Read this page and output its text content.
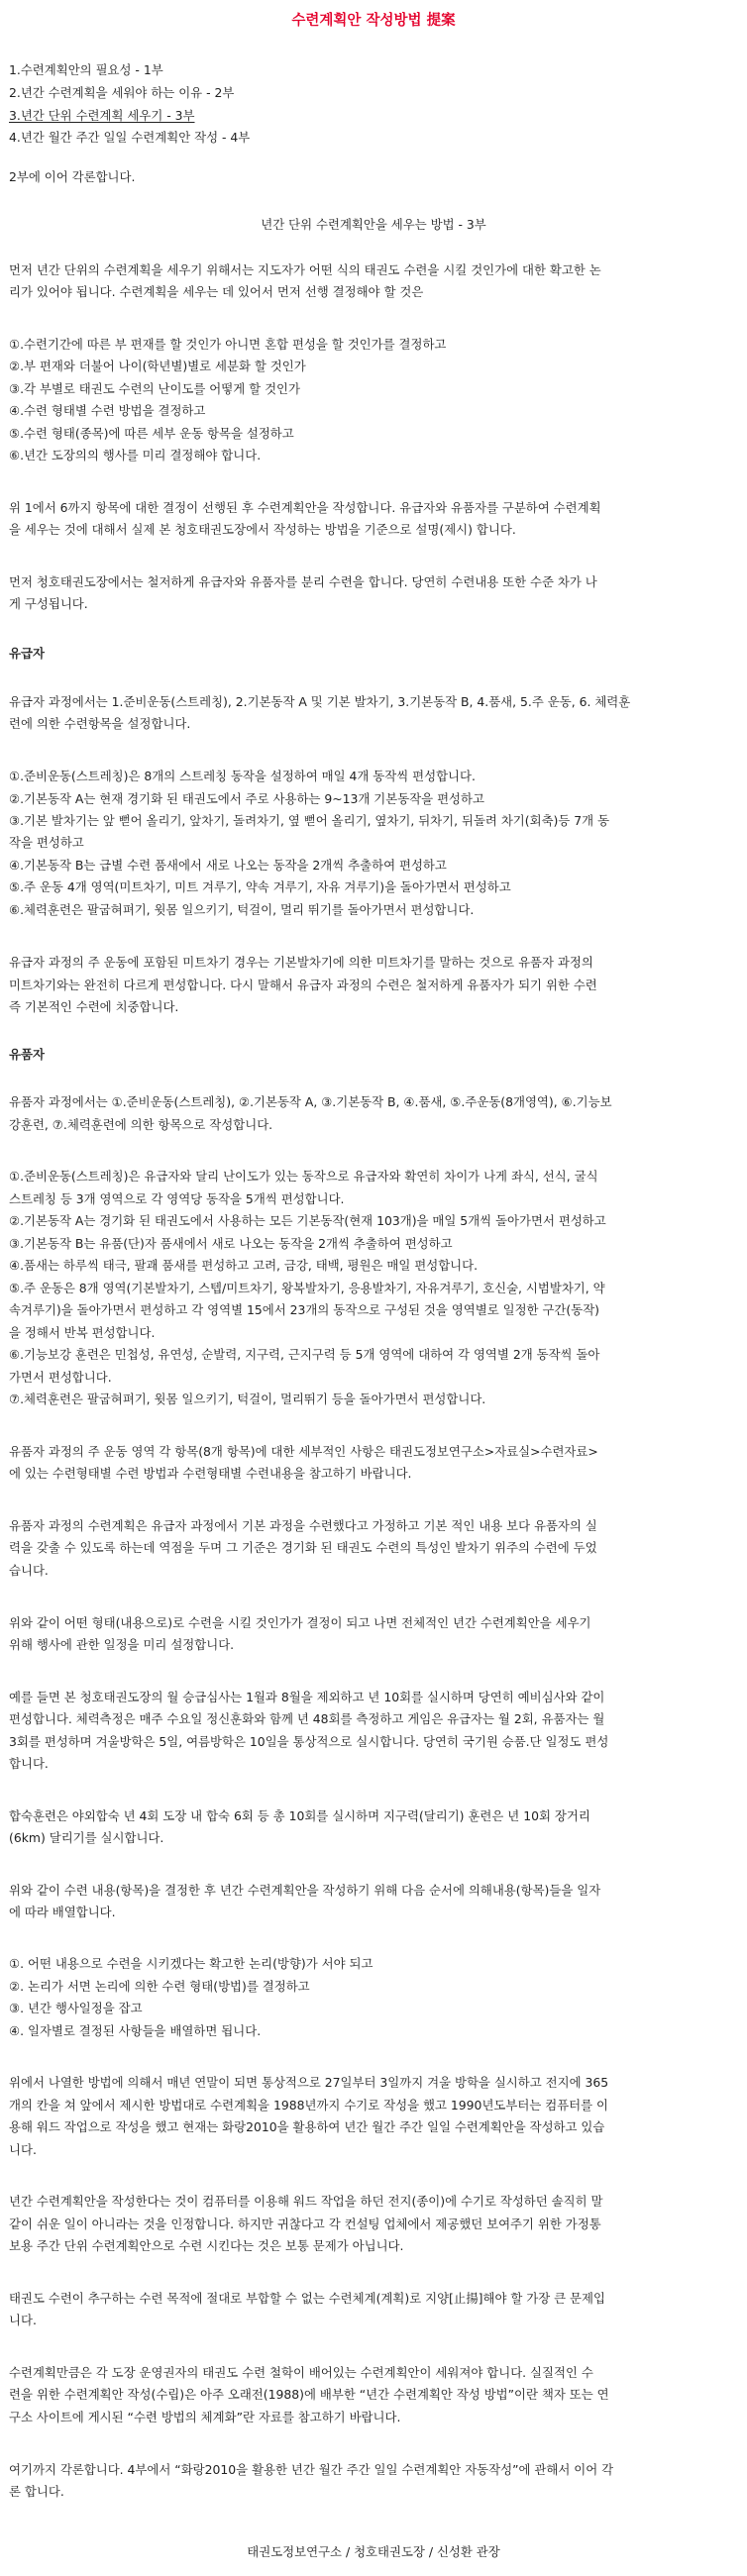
수련계획안 작성방법 提案
1.수련계획안의 필요성 - 1부
2.년간 수련계획을 세워야 하는 이유 - 2부
3.년간 단위 수련계획 세우기 - 3부
4.년간 월간 주간 일일 수련계획안 작성 - 4부
2부에 이어 각론합니다.
년간 단위 수련계획안을 세우는 방법 - 3부
먼저 년간 단위의 수련계획을 세우기 위해서는 지도자가 어떤 식의 태권도 수련을 시킬 것인가에 대한 확고한 논
리가 있어야 됩니다. 수련계획을 세우는 데 있어서 먼저 선행 결정해야 할 것은
①.수련기간에 따른 부 편재를 할 것인가 아니면 혼합 편성을 할 것인가를 결정하고
②.부 편재와 더불어 나이(학년별)별로 세분화 할 것인가
③.각 부별로 태권도 수련의 난이도를 어떻게 할 것인가
④.수련 형태별 수련 방법을 결정하고
⑤.수련 형태(종목)에 따른 세부 운동 항목을 설정하고
⑥.년간 도장의의 행사를 미리 결정해야 합니다.
위 1에서 6까지 항목에 대한 결정이 선행된 후 수련계획안을 작성합니다. 유급자와 유품자를 구분하여 수련계획
을 세우는 것에 대해서 실제 본 청호태권도장에서 작성하는 방법을 기준으로 설명(제시) 합니다.
먼저 청호태권도장에서는 철저하게 유급자와 유품자를 분리 수련을 합니다. 당연히 수련내용 또한 수준 차가 나
게 구성됩니다.
유급자
유급자 과정에서는 1.준비운동(스트레칭), 2.기본동작 A 및 기본 발차기, 3.기본동작 B, 4.품새, 5.주 운동, 6. 체력훈
련에 의한 수련항목을 설정합니다.
①.준비운동(스트레칭)은 8개의 스트레칭 동작을 설정하여 매일 4개 동작씩 편성합니다.
②.기본동작 A는 현재 경기화 된 태권도에서 주로 사용하는 9~13개 기본동작을 편성하고
③.기본 발차기는 앞 뻗어 올리기, 앞차기, 돌려차기, 옆 뻗어 올리기, 옆차기, 뒤차기, 뒤돌려 차기(회축)등 7개 동
작을 편성하고
④.기본동작 B는 급별 수련 품새에서 새로 나오는 동작을 2개씩 추출하여 편성하고
⑤.주 운동 4개 영역(미트차기, 미트 겨루기, 약속 겨루기, 자유 겨루기)을 돌아가면서 편성하고
⑥.체력훈련은 팔굽혀펴기, 윗몸 일으키기, 턱걸이, 멀리 뛰기를 돌아가면서 편성합니다.
유급자 과정의 주 운동에 포함된 미트차기 경우는 기본발차기에 의한 미트차기를 말하는 것으로 유품자 과정의
미트차기와는 완전히 다르게 편성합니다. 다시 말해서 유급자 과정의 수련은 철저하게 유품자가 되기 위한 수련
즉 기본적인 수련에 치중합니다.
유품자
유품자 과정에서는 ①.준비운동(스트레칭), ②.기본동작 A, ③.기본동작 B, ④.품새, ⑤.주운동(8개영역), ⑥.기능보
강훈련, ⑦.체력훈련에 의한 항목으로 작성합니다.
①.준비운동(스트레칭)은 유급자와 달리 난이도가 있는 동작으로 유급자와 확연히 차이가 나게 좌식, 선식, 굴식
스트레칭 등 3개 영역으로 각 영역당 동작을 5개씩 편성합니다.
②.기본동작 A는 경기화 된 태권도에서 사용하는 모든 기본동작(현재 103개)을 매일 5개씩 돌아가면서 편성하고
③.기본동작 B는 유품(단)자 품새에서 새로 나오는 동작을 2개씩 추출하여 편성하고
④.품새는 하루씩 태극, 팔괘 품새를 편성하고 고려, 금강, 태백, 평원은 매일 편성합니다.
⑤.주 운동은 8개 영역(기본발차기, 스텝/미트차기, 왕복발차기, 응용발차기, 자유겨루기, 호신술, 시범발차기, 약
속겨루기)을 돌아가면서 편성하고 각 영역별 15에서 23개의 동작으로 구성된 것을 영역별로 일정한 구간(동작)
을 정해서 반복 편성합니다.
⑥.기능보강 훈련은 민첩성, 유연성, 순발력, 지구력, 근지구력 등 5개 영역에 대하여 각 영역별 2개 동작씩 돌아
가면서 편성합니다.
⑦.체력훈련은 팔굽혀펴기, 윗몸 일으키기, 턱걸이, 멀리뛰기 등을 돌아가면서 편성합니다.
유품자 과정의 주 운동 영역 각 항목(8개 항목)에 대한 세부적인 사항은 태권도정보연구소>자료실>수련자료>
에 있는 수련형태별 수련 방법과 수련형태별 수련내용을 참고하기 바랍니다.
유품자 과정의 수련계획은 유급자 과정에서 기본 과정을 수련했다고 가정하고 기본 적인 내용 보다 유품자의 실
력을 갖출 수 있도록 하는데 역점을 두며 그 기준은 경기화 된 태권도 수련의 특성인 발차기 위주의 수련에 두었
습니다.
위와 같이 어떤 형태(내용으로)로 수련을 시킬 것인가가 결정이 되고 나면 전체적인 년간 수련계획안을 세우기
위해 행사에 관한 일정을 미리 설정합니다.
예를 들면 본 청호태권도장의 월 승급심사는 1월과 8월을 제외하고 년 10회를 실시하며 당연히 예비심사와 같이
편성합니다. 체력측정은 매주 수요일 정신훈화와 함께 년 48회를 측정하고 게임은 유급자는 월 2회, 유품자는 월
3회를 편성하며 겨울방학은 5일, 여름방학은 10일을 통상적으로 실시합니다. 당연히 국기원 승품.단 일정도 편성
합니다.
합숙훈련은 야외합숙 년 4회 도장 내 합숙 6회 등 총 10회를 실시하며 지구력(달리기) 훈련은 년 10회 장거리
(6km) 달리기를 실시합니다.
위와 같이 수련 내용(항목)을 결정한 후 년간 수련계획안을 작성하기 위해 다음 순서에 의해내용(항목)들을 일자
에 따라 배열합니다.
①. 어떤 내용으로 수련을 시키겠다는 확고한 논리(방향)가 서야 되고
②. 논리가 서면 논리에 의한 수련 형태(방법)를 결정하고
③. 년간 행사일정을 잡고
④. 일자별로 결정된 사항들을 배열하면 됩니다.
위에서 나열한 방법에 의해서 매년 연말이 되면 통상적으로 27일부터 3일까지 겨울 방학을 실시하고 전지에 365
개의 칸을 쳐 앞에서 제시한 방법대로 수련계획을 1988년까지 수기로 작성을 했고 1990년도부터는 컴퓨터를 이
용해 워드 작업으로 작성을 했고 현재는 화랑2010을 활용하여 년간 월간 주간 일일 수련계획안을 작성하고 있습
니다.
년간 수련계획안을 작성한다는 것이 컴퓨터를 이용해 워드 작업을 하던 전지(종이)에 수기로 작성하던 솔직히 말
같이 쉬운 일이 아니라는 것을 인정합니다. 하지만 귀찮다고 각 컨설팅 업체에서 제공했던 보여주기 위한 가정통
보용 주간 단위 수련계획안으로 수련 시킨다는 것은 보통 문제가 아닙니다.
태권도 수련이 추구하는 수련 목적에 절대로 부합할 수 없는 수련체계(계획)로 지양[止揚]해야 할 가장 큰 문제입
니다.
수련계획만큼은 각 도장 운영권자의 태권도 수련 철학이 배어있는 수련계획안이 세워져야 합니다. 실질적인 수
련을 위한 수련계획안 작성(수립)은 아주 오래전(1988)에 배부한 “년간 수련계획안 작성 방법”이란 책자 또는 연
구소 사이트에 게시된 “수련 방법의 체계화”란 자료를 참고하기 바랍니다.
여기까지 각론합니다. 4부에서 “화랑2010을 활용한 년간 월간 주간 일일 수련계획안 자동작성”에 관해서 이어 각
론 합니다.
태권도정보연구소 / 청호태권도장 / 신성환 관장
